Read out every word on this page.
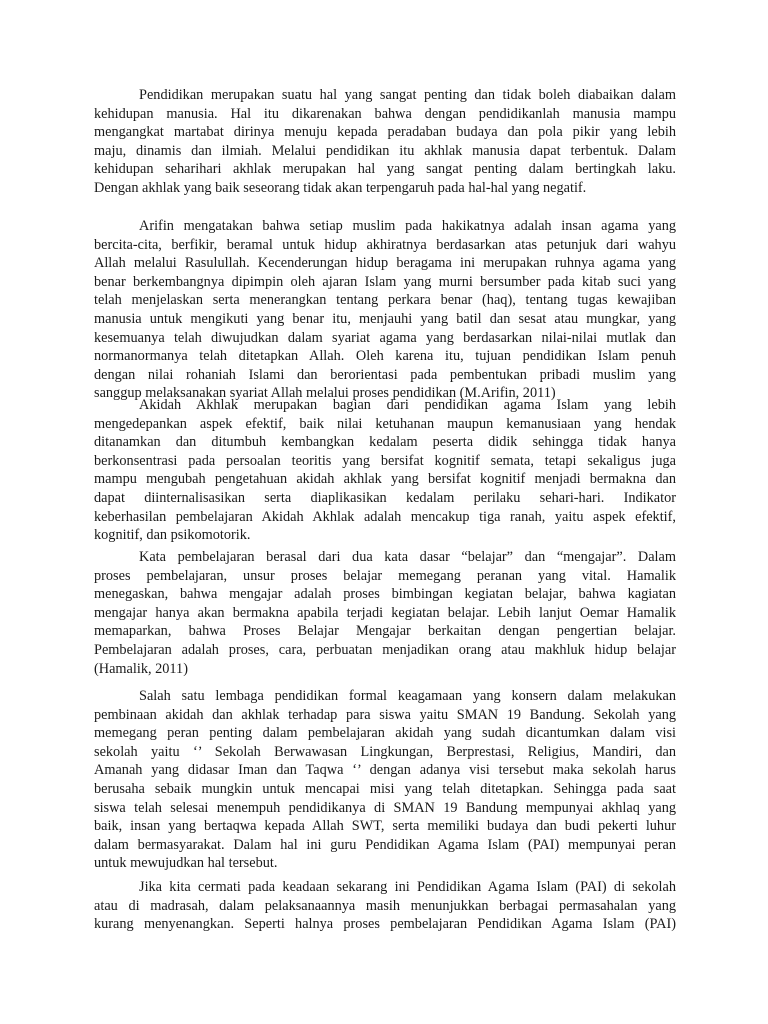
Pendidikan merupakan suatu hal yang sangat penting dan tidak boleh diabaikan dalam
kehidupan manusia. Hal itu dikarenakan bahwa dengan pendidikanlah manusia mampu
mengangkat martabat dirinya menuju kepada peradaban budaya dan pola pikir yang lebih
maju, dinamis dan ilmiah. Melalui pendidikan itu akhlak manusia dapat terbentuk. Dalam
kehidupan seharihari akhlak merupakan hal yang sangat penting dalam bertingkah laku.
Dengan akhlak yang baik seseorang tidak akan terpengaruh pada hal-hal yang negatif.
Arifin mengatakan bahwa setiap muslim pada hakikatnya adalah insan agama yang
bercita-cita, berfikir, beramal untuk hidup akhiratnya berdasarkan atas petunjuk dari wahyu
Allah melalui Rasulullah. Kecenderungan hidup beragama ini merupakan ruhnya agama yang
benar berkembangnya dipimpin oleh ajaran Islam yang murni bersumber pada kitab suci yang
telah menjelaskan serta menerangkan tentang perkara benar (haq), tentang tugas kewajiban
manusia untuk mengikuti yang benar itu, menjauhi yang batil dan sesat atau mungkar, yang
kesemuanya telah diwujudkan dalam syariat agama yang berdasarkan nilai-nilai mutlak dan
normanormanya telah ditetapkan Allah. Oleh karena itu, tujuan pendidikan Islam penuh
dengan nilai rohaniah Islami dan berorientasi pada pembentukan pribadi muslim yang
sanggup melaksanakan syariat Allah melalui proses pendidikan (M.Arifin, 2011)
Akidah Akhlak merupakan bagian dari pendidikan agama Islam yang lebih
mengedepankan aspek efektif, baik nilai ketuhanan maupun kemanusiaan yang hendak
ditanamkan dan ditumbuh kembangkan kedalam peserta didik sehingga tidak hanya
berkonsentrasi pada persoalan teoritis yang bersifat kognitif semata, tetapi sekaligus juga
mampu mengubah pengetahuan akidah akhlak yang bersifat kognitif menjadi bermakna dan
dapat diinternalisasikan serta diaplikasikan kedalam perilaku sehari-hari. Indikator
keberhasilan pembelajaran Akidah Akhlak adalah mencakup tiga ranah, yaitu aspek efektif,
kognitif, dan psikomotorik.
Kata pembelajaran berasal dari dua kata dasar “belajar” dan “mengajar”. Dalam
proses pembelajaran, unsur proses belajar memegang peranan yang vital. Hamalik
menegaskan, bahwa mengajar adalah proses bimbingan kegiatan belajar, bahwa kagiatan
mengajar hanya akan bermakna apabila terjadi kegiatan belajar. Lebih lanjut Oemar Hamalik
memaparkan, bahwa Proses Belajar Mengajar berkaitan dengan pengertian belajar.
Pembelajaran adalah proses, cara, perbuatan menjadikan orang atau makhluk hidup belajar
(Hamalik, 2011)
Salah satu lembaga pendidikan formal keagamaan yang konsern dalam melakukan
pembinaan akidah dan akhlak terhadap para siswa yaitu SMAN 19 Bandung. Sekolah yang
memegang peran penting dalam pembelajaran akidah yang sudah dicantumkan dalam visi
sekolah yaitu ‘’ Sekolah Berwawasan Lingkungan, Berprestasi, Religius, Mandiri, dan
Amanah yang didasar Iman dan Taqwa ‘’ dengan adanya visi tersebut maka sekolah harus
berusaha sebaik mungkin untuk mencapai misi yang telah ditetapkan. Sehingga pada saat
siswa telah selesai menempuh pendidikanya di SMAN 19 Bandung mempunyai akhlaq yang
baik, insan yang bertaqwa kepada Allah SWT, serta memiliki budaya dan budi pekerti luhur
dalam bermasyarakat. Dalam hal ini guru Pendidikan Agama Islam (PAI) mempunyai peran
untuk mewujudkan hal tersebut.
Jika kita cermati pada keadaan sekarang ini Pendidikan Agama Islam (PAI) di sekolah
atau di madrasah, dalam pelaksanaannya masih menunjukkan berbagai permasahalan yang
kurang menyenangkan. Seperti halnya proses pembelajaran Pendidikan Agama Islam (PAI)
